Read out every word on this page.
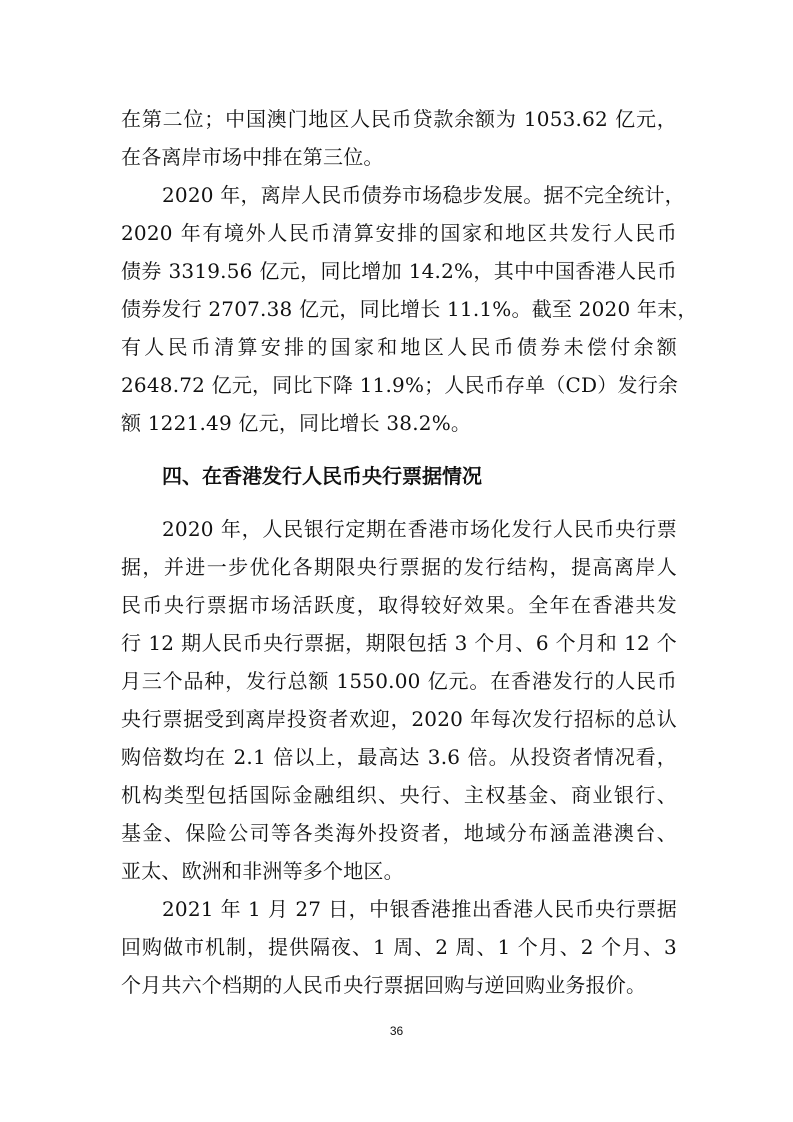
在第二位；中国澳门地区人民币贷款余额为 1053.62 亿元，
在各离岸市场中排在第三位。
2020 年，离岸人民币债券市场稳步发展。据不完全统计，
2020 年有境外人民币清算安排的国家和地区共发行人民币
债券 3319.56 亿元，同比增加 14.2%，其中中国香港人民币
债券发行 2707.38 亿元，同比增长 11.1%。截至 2020 年末，
有人民币清算安排的国家和地区人民币债券未偿付余额
2648.72 亿元，同比下降 11.9%；人民币存单（CD）发行余
额 1221.49 亿元，同比增长 38.2%。
四、在香港发行人民币央行票据情况
2020 年，人民银行定期在香港市场化发行人民币央行票
据，并进一步优化各期限央行票据的发行结构，提高离岸人
民币央行票据市场活跃度，取得较好效果。全年在香港共发
行 12 期人民币央行票据，期限包括 3 个月、6 个月和 12 个
月三个品种，发行总额 1550.00 亿元。在香港发行的人民币
央行票据受到离岸投资者欢迎，2020 年每次发行招标的总认
购倍数均在 2.1 倍以上，最高达 3.6 倍。从投资者情况看，
机构类型包括国际金融组织、央行、主权基金、商业银行、
基金、保险公司等各类海外投资者，地域分布涵盖港澳台、
亚太、欧洲和非洲等多个地区。
2021 年 1 月 27 日，中银香港推出香港人民币央行票据
回购做市机制，提供隔夜、1 周、2 周、1 个月、2 个月、3
个月共六个档期的人民币央行票据回购与逆回购业务报价。
36
